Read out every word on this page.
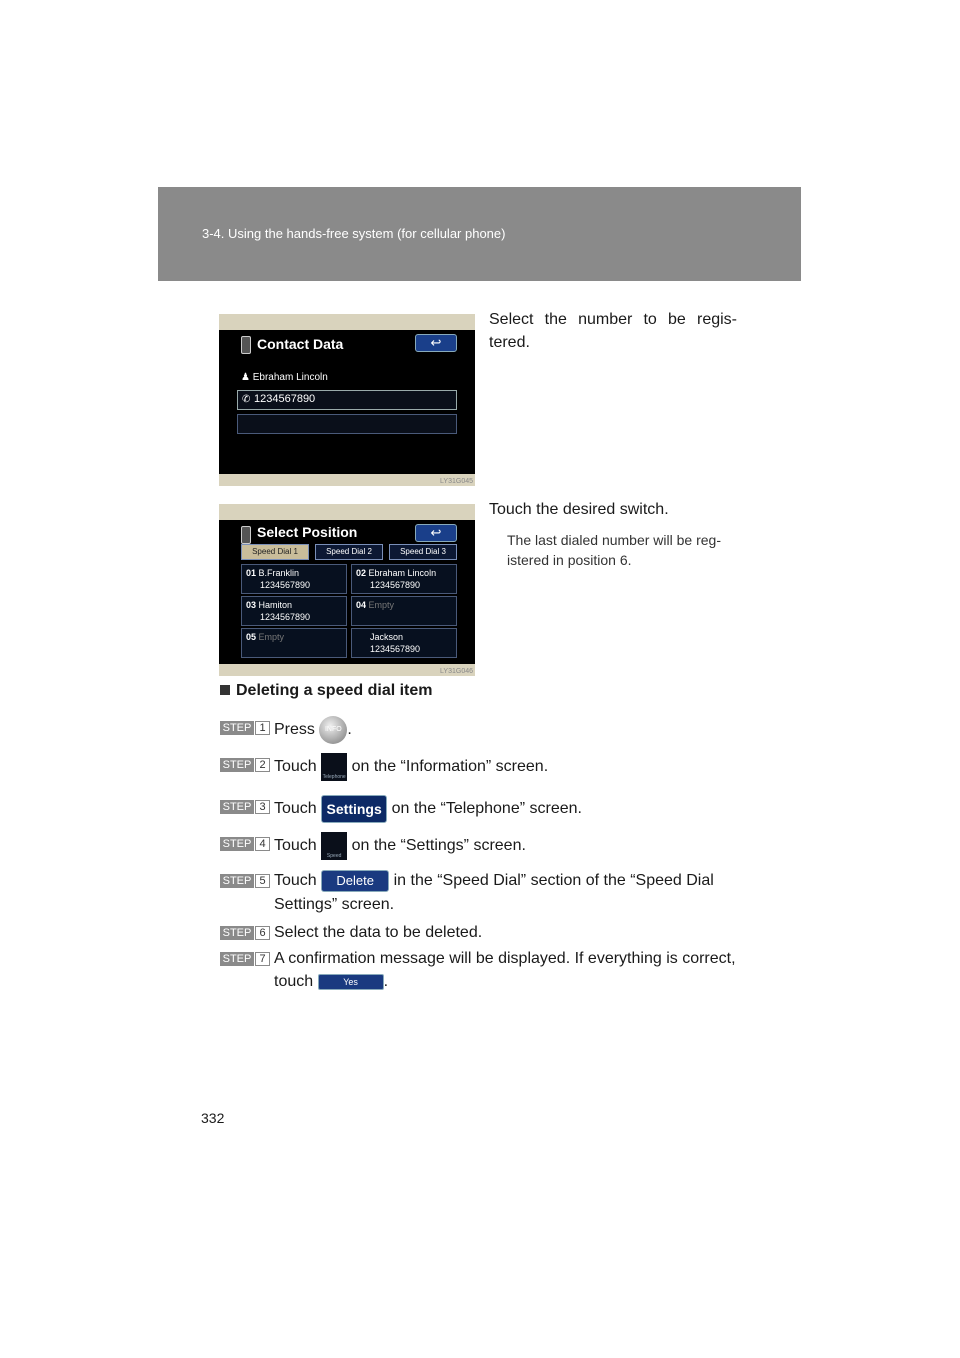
3-4. Using the hands-free system (for cellular phone)
Contact Data	↩
♟ Ebraham Lincoln
✆ 1234567890
LY31G045
Select the number to be regis- tered.
Select Position	↩
Speed Dial 1	Speed Dial 2	Speed Dial 3
01 B.Franklin
1234567890
02 Ebraham Lincoln
1234567890
03 Hamiton
1234567890
04 Empty
05 Empty	Jackson
1234567890
LY31G046
Touch the desired switch.
The last dialed number will be reg- istered in position 6.
Deleting a speed dial item
STEP 1 Press INFO .
STEP 2 Touch Telephone on the “Information” screen.
STEP 3 Touch Settings on the “Telephone” screen.
STEP 4 Touch Speed on the “Settings” screen.
STEP 5 Touch Delete in the “Speed Dial” section of the “Speed Dial
Settings” screen.
STEP 6 Select the data to be deleted.
STEP 7 A confirmation message will be displayed. If everything is correct,
touch	Yes .
332
